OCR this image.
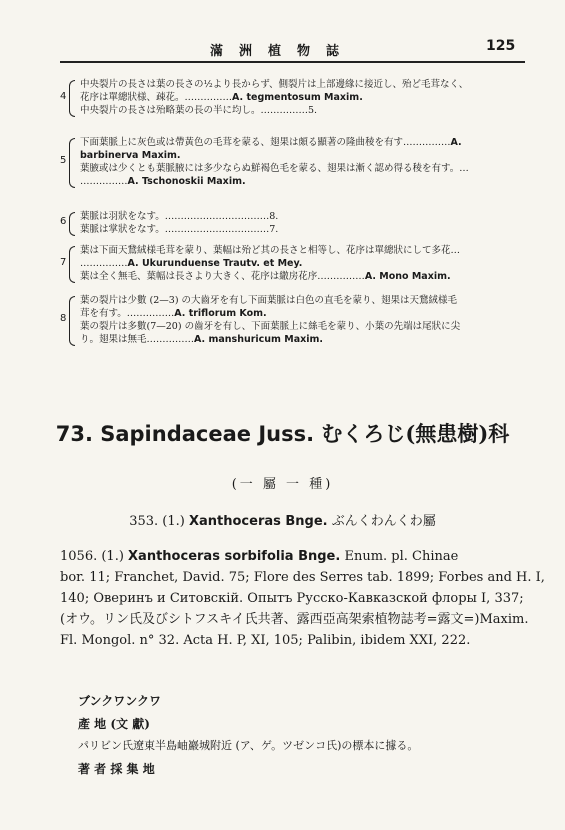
滿洲植物誌	125
4
中央裂片の長さは葉の長さの½より長からず、側裂片は上部邊緣に接近し、殆ど毛茸なく、
花序は單總狀様、疎花。……………A. tegmentosum Maxim.
中央裂片の長さは殆略葉の長の半に均し。……………5.
5
下面葉脈上に灰色或は帶黃色の毛茸を蒙る、翅果は頗る顯著の隆曲稜を有す……………A.
barbinerva Maxim.
葉腋或は少くとも葉脈腋には多少ならぬ鮮褐色毛を蒙る、翅果は漸く認め得る稜を有す。…
……………A. Tschonoskii Maxim.
6 葉脈は羽狀をなす。……………………………8.
葉脈は掌狀をなす。……………………………7.
7
葉は下面天鵞絨様毛茸を蒙り、葉幅は殆ど其の長さと相等し、花序は單總狀にして多花…
……………A. Ukurunduense Trautv. et Mey.
葉は全く無毛、葉幅は長さより大きく、花序は繖房花序……………A. Mono Maxim.
8
葉の裂片は少數 (2—3) の大齒牙を有し下面葉脈は白色の直毛を蒙り、翅果は天鵞絨様毛
茸を有す。……………A. triflorum Kom.
葉の裂片は多數(7—20) の齒牙を有し、下面葉脈上に絲毛を蒙り、小葉の先端は尾狀に尖
り。翅果は無毛……………A. manshuricum Maxim.
73. Sapindaceae Juss. むくろじ(無患樹)科
(一 屬 一 種)
353. (1.) Xanthoceras Bnge. ぶんくわんくわ屬
1056. (1.) Xanthoceras sorbifolia Bnge. Enum. pl. Chinae
bor. 11; Franchet, David. 75; Flore des Serres tab. 1899; Forbes and H. I,
140; Оверинъ и Ситовскій. Опытъ Русско-Кавказской флоры I, 337;
(オウ。リン氏及びシトフスキイ氏共著、露西亞高架索植物誌考=露文=)Maxim.
Fl. Mongol. n° 32. Acta H. P, XI, 105; Palibin, ibidem XXI, 222.
ブンクワンクワ
產 地 (文 獻)
パリビン氏遼東半島岫巖城附近 (ア、ゲ。ツゼンコ氏)の標本に據る。
著 者 採 集 地
